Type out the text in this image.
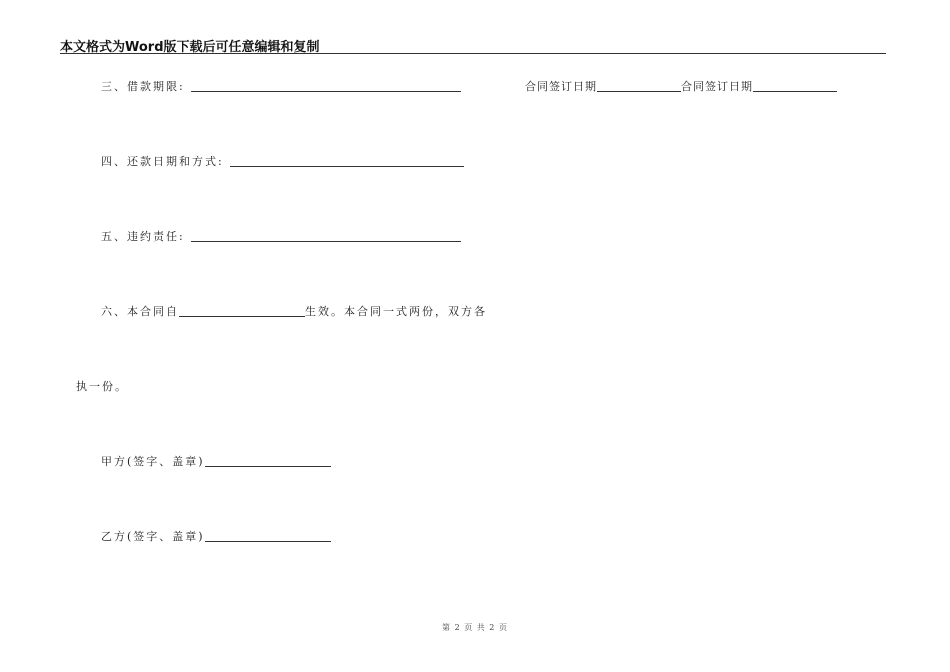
本文格式为Word版下载后可任意编辑和复制
三、借款期限:	合同签订日期	合同签订日期
四、还款日期和方式:
五、违约责任:
六、本合同自	生效。本合同一式两份，双方各
执一份。
甲方(签字、盖章)
乙方(签字、盖章)
第 2 页 共 2 页
